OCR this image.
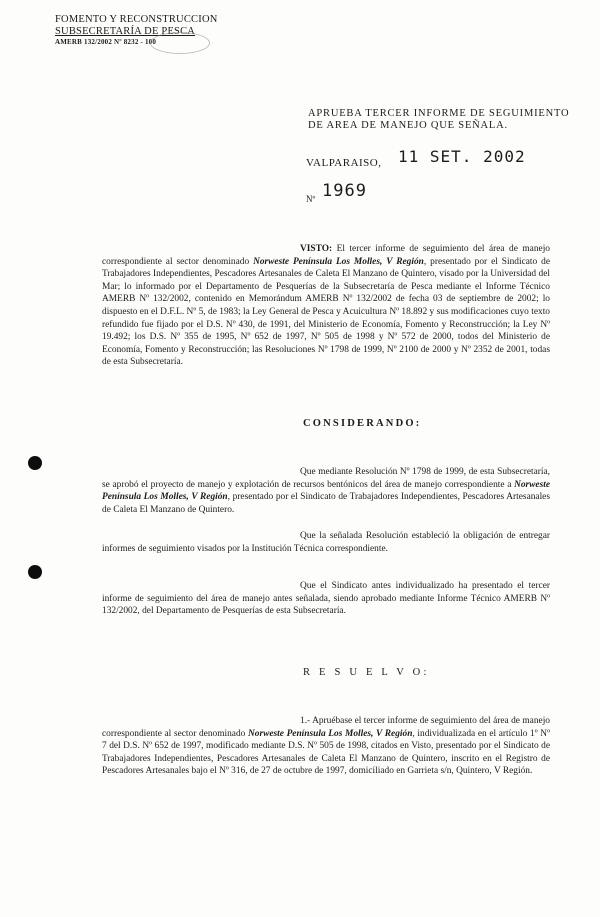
FOMENTO Y RECONSTRUCCION
SUBSECRETARÍA DE PESCA
AMERB 132/2002 Nº 8232 - 100
APRUEBA TERCER INFORME DE SEGUIMIENTO
DE AREA DE MANEJO QUE SEÑALA.
VALPARAISO, 11 SET. 2002
Nº 1969
VISTO: El tercer informe de seguimiento del área de manejo correspondiente al sector denominado Norweste Península Los Molles, V Región, presentado por el Sindicato de Trabajadores Independientes, Pescadores Artesanales de Caleta El Manzano de Quintero, visado por la Universidad del Mar; lo informado por el Departamento de Pesquerías de la Subsecretaría de Pesca mediante el Informe Técnico AMERB Nº 132/2002, contenido en Memorándum AMERB Nº 132/2002 de fecha 03 de septiembre de 2002; lo dispuesto en el D.F.L. Nº 5, de 1983; la Ley General de Pesca y Acuicultura Nº 18.892 y sus modificaciones cuyo texto refundido fue fijado por el D.S. Nº 430, de 1991, del Ministerio de Economía, Fomento y Reconstrucción; la Ley Nº 19.492; los D.S. Nº 355 de 1995, Nº 652 de 1997, Nº 505 de 1998 y Nº 572 de 2000, todos del Ministerio de Economía, Fomento y Reconstrucción; las Resoluciones Nº 1798 de 1999, Nº 2100 de 2000 y Nº 2352 de 2001, todas de esta Subsecretaría.
CONSIDERANDO:
Que mediante Resolución Nº 1798 de 1999, de esta Subsecretaría, se aprobó el proyecto de manejo y explotación de recursos bentónicos del área de manejo correspondiente a Norweste Península Los Molles, V Región, presentado por el Sindicato de Trabajadores Independientes, Pescadores Artesanales de Caleta El Manzano de Quintero.
Que la señalada Resolución estableció la obligación de entregar informes de seguimiento visados por la Institución Técnica correspondiente.
Que el Sindicato antes individualizado ha presentado el tercer informe de seguimiento del área de manejo antes señalada, siendo aprobado mediante Informe Técnico AMERB Nº 132/2002, del Departamento de Pesquerías de esta Subsecretaría.
R E S U E L V O:
1.- Apruébase el tercer informe de seguimiento del área de manejo correspondiente al sector denominado Norweste Península Los Molles, V Región, individualizada en el artículo 1º Nº 7 del D.S. Nº 652 de 1997, modificado mediante D.S. Nº 505 de 1998, citados en Visto, presentado por el Sindicato de Trabajadores Independientes, Pescadores Artesanales de Caleta El Manzano de Quintero, inscrito en el Registro de Pescadores Artesanales bajo el Nº 316, de 27 de octubre de 1997, domiciliado en Garrieta s/n, Quintero, V Región.
